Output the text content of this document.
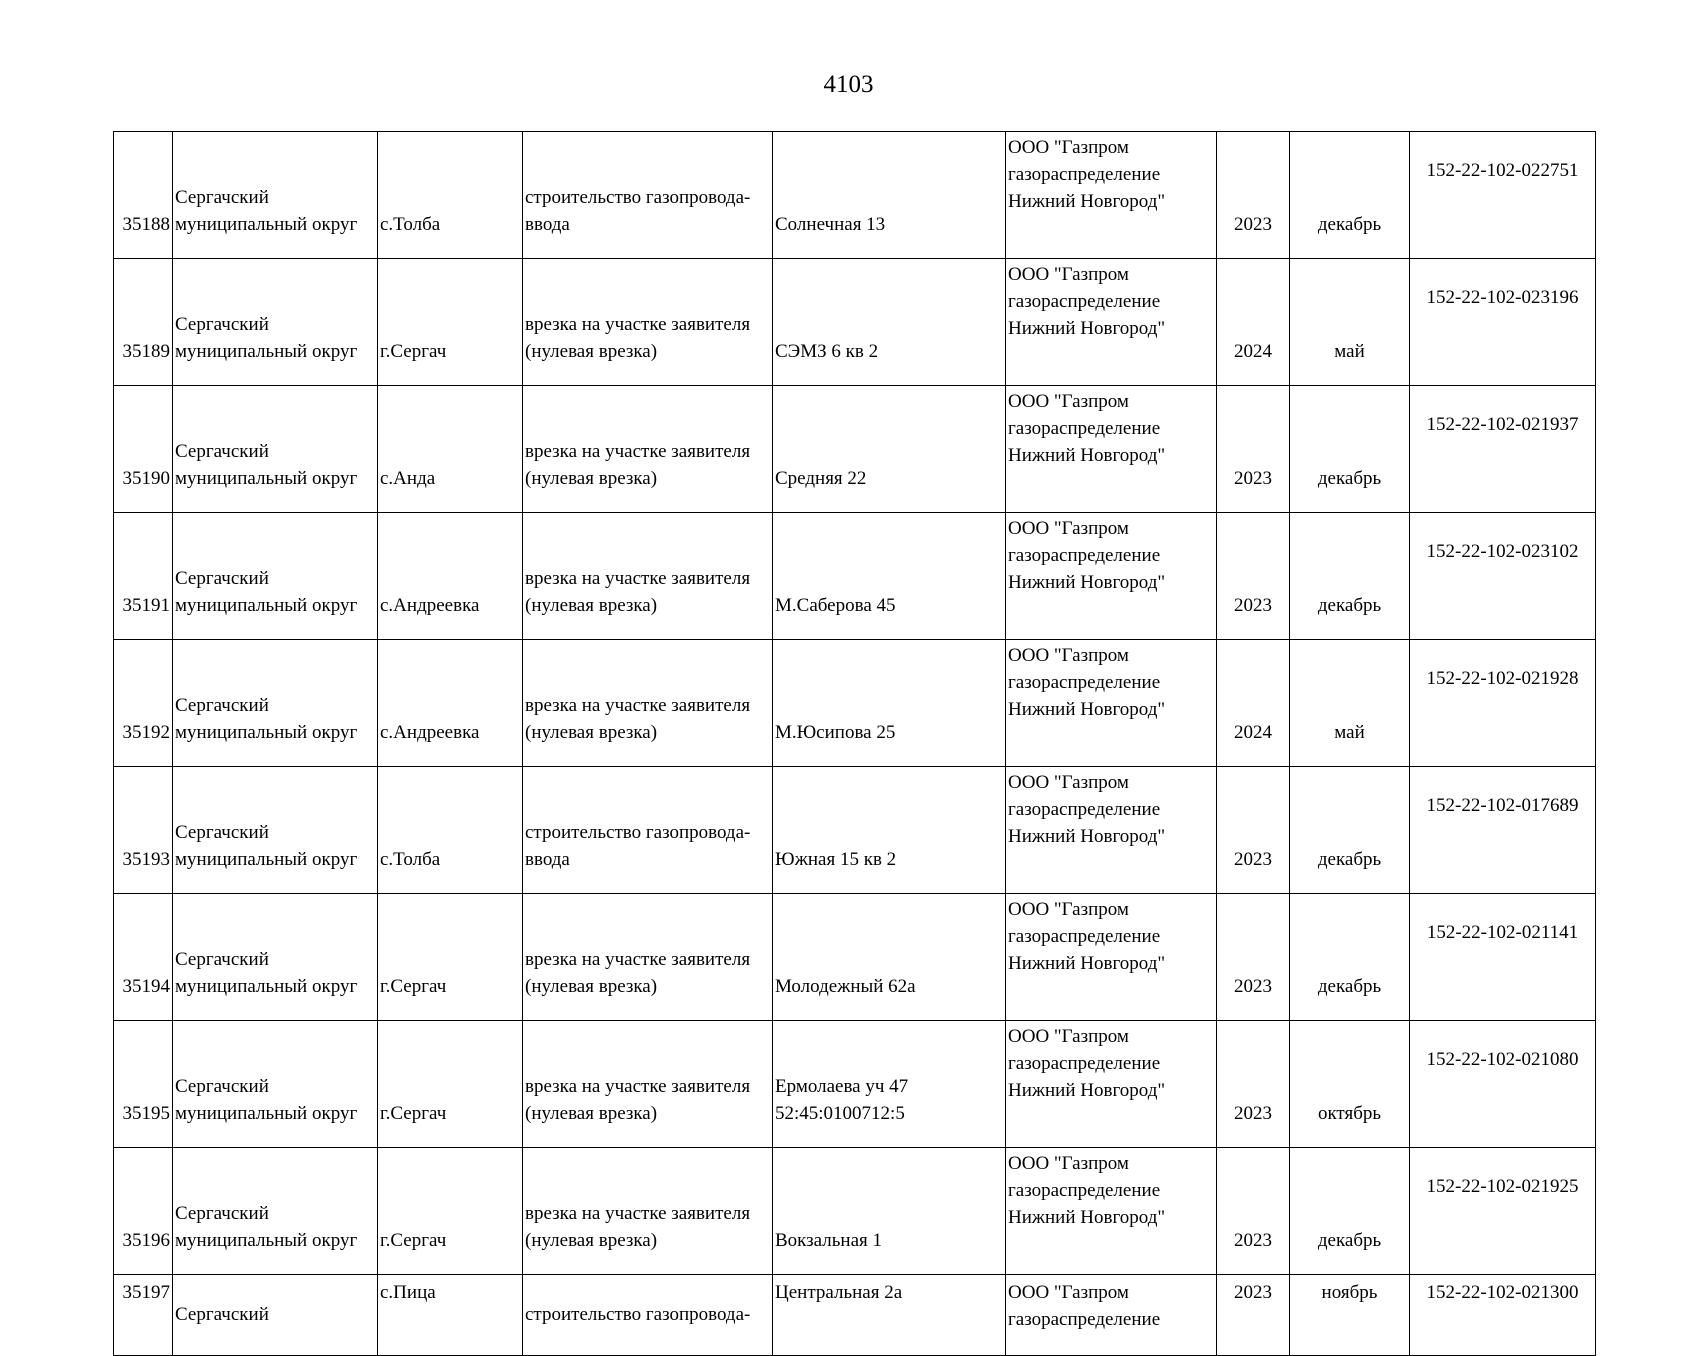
4103
35188	Сергачский
муниципальный округ	с.Толба	строительство газопровода-
ввода	Солнечная 13	ООО "Газпром
газораспределение
Нижний Новгород"	2023	декабрь	152-22-102-022751
35189	Сергачский
муниципальный округ	г.Сергач	врезка на участке заявителя
(нулевая врезка)	СЭМЗ 6 кв 2	ООО "Газпром
газораспределение
Нижний Новгород"	2024	май	152-22-102-023196
35190	Сергачский
муниципальный округ	с.Анда	врезка на участке заявителя
(нулевая врезка)	Средняя 22	ООО "Газпром
газораспределение
Нижний Новгород"	2023	декабрь	152-22-102-021937
35191	Сергачский
муниципальный округ	с.Андреевка	врезка на участке заявителя
(нулевая врезка)	М.Саберова 45	ООО "Газпром
газораспределение
Нижний Новгород"	2023	декабрь	152-22-102-023102
35192	Сергачский
муниципальный округ	с.Андреевка	врезка на участке заявителя
(нулевая врезка)	М.Юсипова 25	ООО "Газпром
газораспределение
Нижний Новгород"	2024	май	152-22-102-021928
35193	Сергачский
муниципальный округ	с.Толба	строительство газопровода-
ввода	Южная 15 кв 2	ООО "Газпром
газораспределение
Нижний Новгород"	2023	декабрь	152-22-102-017689
35194	Сергачский
муниципальный округ	г.Сергач	врезка на участке заявителя
(нулевая врезка)	Молодежный 62а	ООО "Газпром
газораспределение
Нижний Новгород"	2023	декабрь	152-22-102-021141
35195	Сергачский
муниципальный округ	г.Сергач	врезка на участке заявителя
(нулевая врезка)	Ермолаева уч 47
52:45:0100712:5	ООО "Газпром
газораспределение
Нижний Новгород"	2023	октябрь	152-22-102-021080
35196	Сергачский
муниципальный округ	г.Сергач	врезка на участке заявителя
(нулевая врезка)	Вокзальная 1	ООО "Газпром
газораспределение
Нижний Новгород"	2023	декабрь	152-22-102-021925
35197	Сергачский	с.Пица	строительство газопровода-	Центральная 2а	ООО "Газпром
газораспределение	2023	ноябрь	152-22-102-021300
